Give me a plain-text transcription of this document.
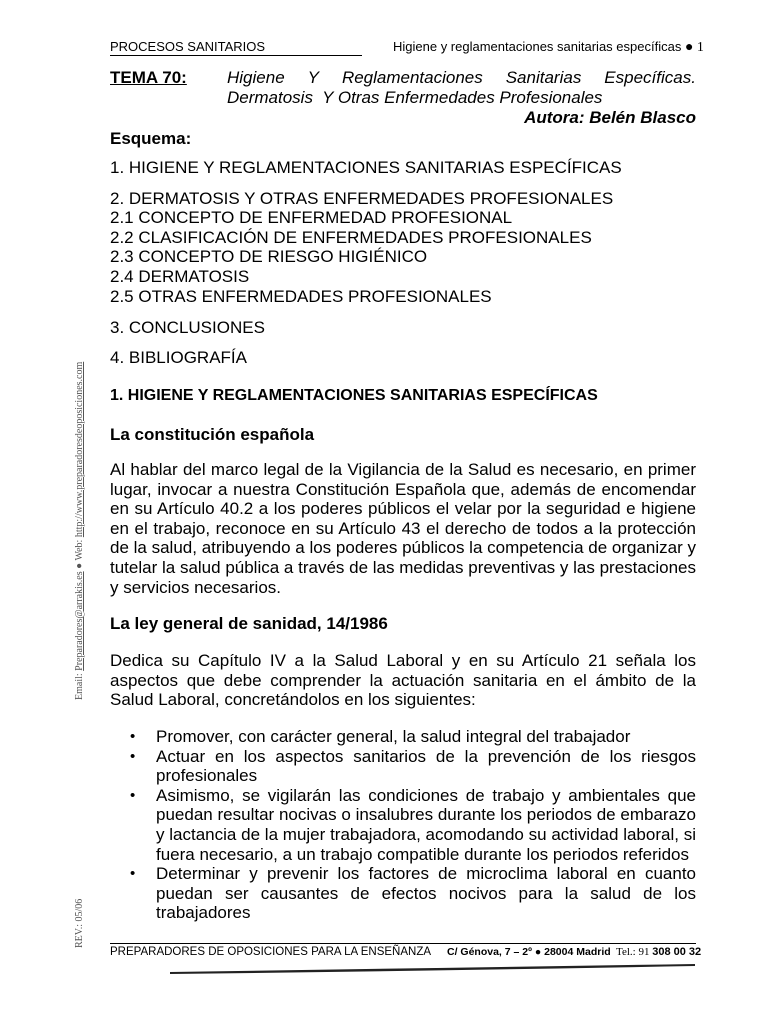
PROCESOS SANITARIOS	Higiene y reglamentaciones sanitarias específicas ● 1
TEMA 70: Higiene Y Reglamentaciones Sanitarias Específicas.
Dermatosis  Y Otras Enfermedades Profesionales
Autora: Belén Blasco
Esquema:
1. HIGIENE Y REGLAMENTACIONES SANITARIAS ESPECÍFICAS
2. DERMATOSIS Y OTRAS ENFERMEDADES PROFESIONALES
2.1 CONCEPTO DE ENFERMEDAD PROFESIONAL
2.2 CLASIFICACIÓN DE ENFERMEDADES PROFESIONALES
2.3 CONCEPTO DE RIESGO HIGIÉNICO
2.4 DERMATOSIS
2.5 OTRAS ENFERMEDADES PROFESIONALES
3. CONCLUSIONES
4. BIBLIOGRAFÍA
1. HIGIENE Y REGLAMENTACIONES SANITARIAS ESPECÍFICAS
La constitución española
Al hablar del marco legal de la Vigilancia de la Salud es necesario, en primer lugar, invocar a nuestra Constitución Española que, además de encomendar en su Artículo 40.2 a los poderes públicos el velar por la seguridad e higiene en el trabajo, reconoce en su Artículo 43 el derecho de todos a la protección de la salud, atribuyendo a los poderes públicos la competencia de organizar y tutelar la salud pública a través de las medidas preventivas y las prestaciones y servicios necesarios.
La ley general de sanidad, 14/1986
Dedica su Capítulo IV a la Salud Laboral y en su Artículo 21 señala los aspectos que debe comprender la actuación sanitaria en el ámbito de la Salud Laboral, concretándolos en los siguientes:
• Promover, con carácter general, la salud integral del trabajador
• Actuar en los aspectos sanitarios de la prevención de los riesgos profesionales
• Asimismo, se vigilarán las condiciones de trabajo y ambientales que puedan resultar nocivas o insalubres durante los periodos de embarazo y lactancia de la mujer trabajadora, acomodando su actividad laboral, si fuera necesario, a un trabajo compatible durante los periodos referidos
• Determinar y prevenir los factores de microclima laboral en cuanto puedan ser causantes de efectos nocivos para la salud de los trabajadores
Email: Preparadores@arrakis.es ● Web: http://www.preparadoresdeoposiciones.com
REV.: 05/06
PREPARADORES DE OPOSICIONES PARA LA ENSEÑANZA C/ Génova, 7 – 2º ● 28004 Madrid Tel.: 91 308 00 32
